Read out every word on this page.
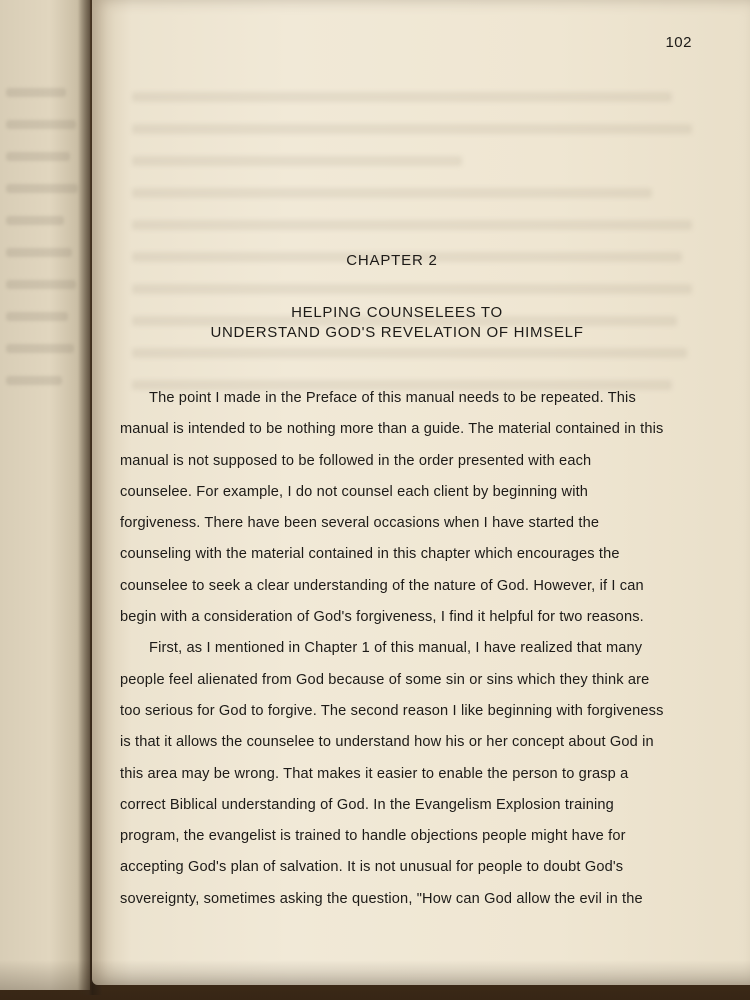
102
CHAPTER 2
HELPING COUNSELEES TO
UNDERSTAND GOD'S REVELATION OF HIMSELF
The point I made in the Preface of this manual needs to be repeated. This
manual is intended to be nothing more than a guide. The material contained in this
manual is not supposed to be followed in the order presented with each
counselee. For example, I do not counsel each client by beginning with
forgiveness. There have been several occasions when I have started the
counseling with the material contained in this chapter which encourages the
counselee to seek a clear understanding of the nature of God. However, if I can
begin with a consideration of God's forgiveness, I find it helpful for two reasons.
First, as I mentioned in Chapter 1 of this manual, I have realized that many
people feel alienated from God because of some sin or sins which they think are
too serious for God to forgive. The second reason I like beginning with forgiveness
is that it allows the counselee to understand how his or her concept about God in
this area may be wrong. That makes it easier to enable the person to grasp a
correct Biblical understanding of God. In the Evangelism Explosion training
program, the evangelist is trained to handle objections people might have for
accepting God's plan of salvation. It is not unusual for people to doubt God's
sovereignty, sometimes asking the question, "How can God allow the evil in the
